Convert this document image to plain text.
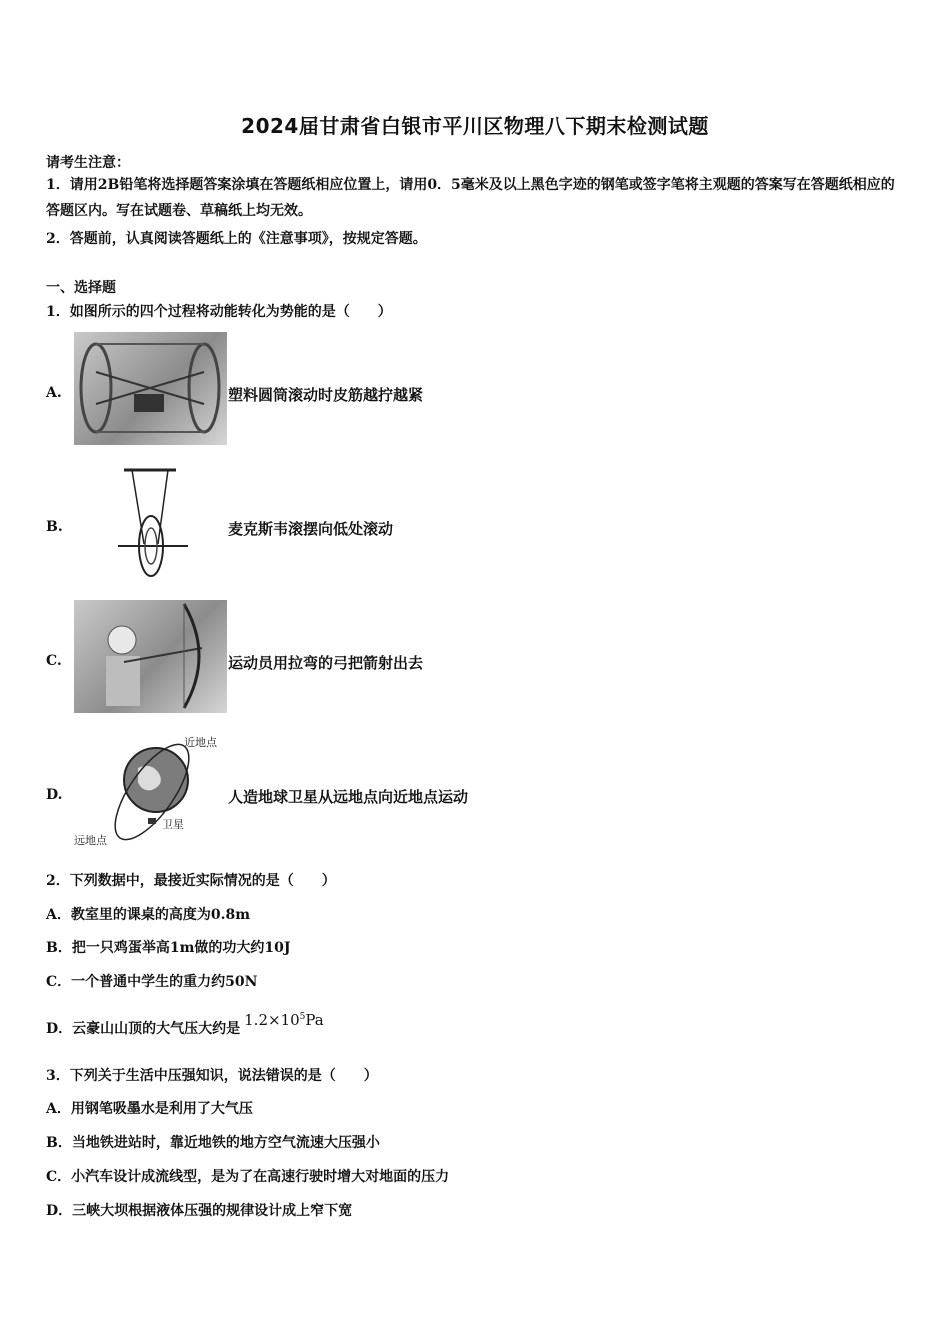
2024届甘肃省白银市平川区物理八下期末检测试题
请考生注意：
1．请用2B铅笔将选择题答案涂填在答题纸相应位置上，请用0．5毫米及以上黑色字迹的钢笔或签字笔将主观题的答案写在答题纸相应的答题区内。写在试题卷、草稿纸上均无效。
2．答题前，认真阅读答题纸上的《注意事项》，按规定答题。
一、选择题
1．如图所示的四个过程将动能转化为势能的是（　　）
A.	塑料圆筒滚动时皮筋越拧越紧
B.	麦克斯韦滚摆向低处滚动
C.	运动员用拉弯的弓把箭射出去
D.
近地点
卫星
远地点
人造地球卫星从远地点向近地点运动
2．下列数据中，最接近实际情况的是（　　）
A．教室里的课桌的高度为0.8m
B．把一只鸡蛋举高1m做的功大约10J
C．一个普通中学生的重力约50N
D．云豪山山顶的大气压大约是 $1.2\times 10^5Pa$
3．下列关于生活中压强知识，说法错误的是（　　）
A．用钢笔吸墨水是利用了大气压
B．当地铁进站时，靠近地铁的地方空气流速大压强小
C．小汽车设计成流线型，是为了在高速行驶时增大对地面的压力
D．三峡大坝根据液体压强的规律设计成上窄下宽
